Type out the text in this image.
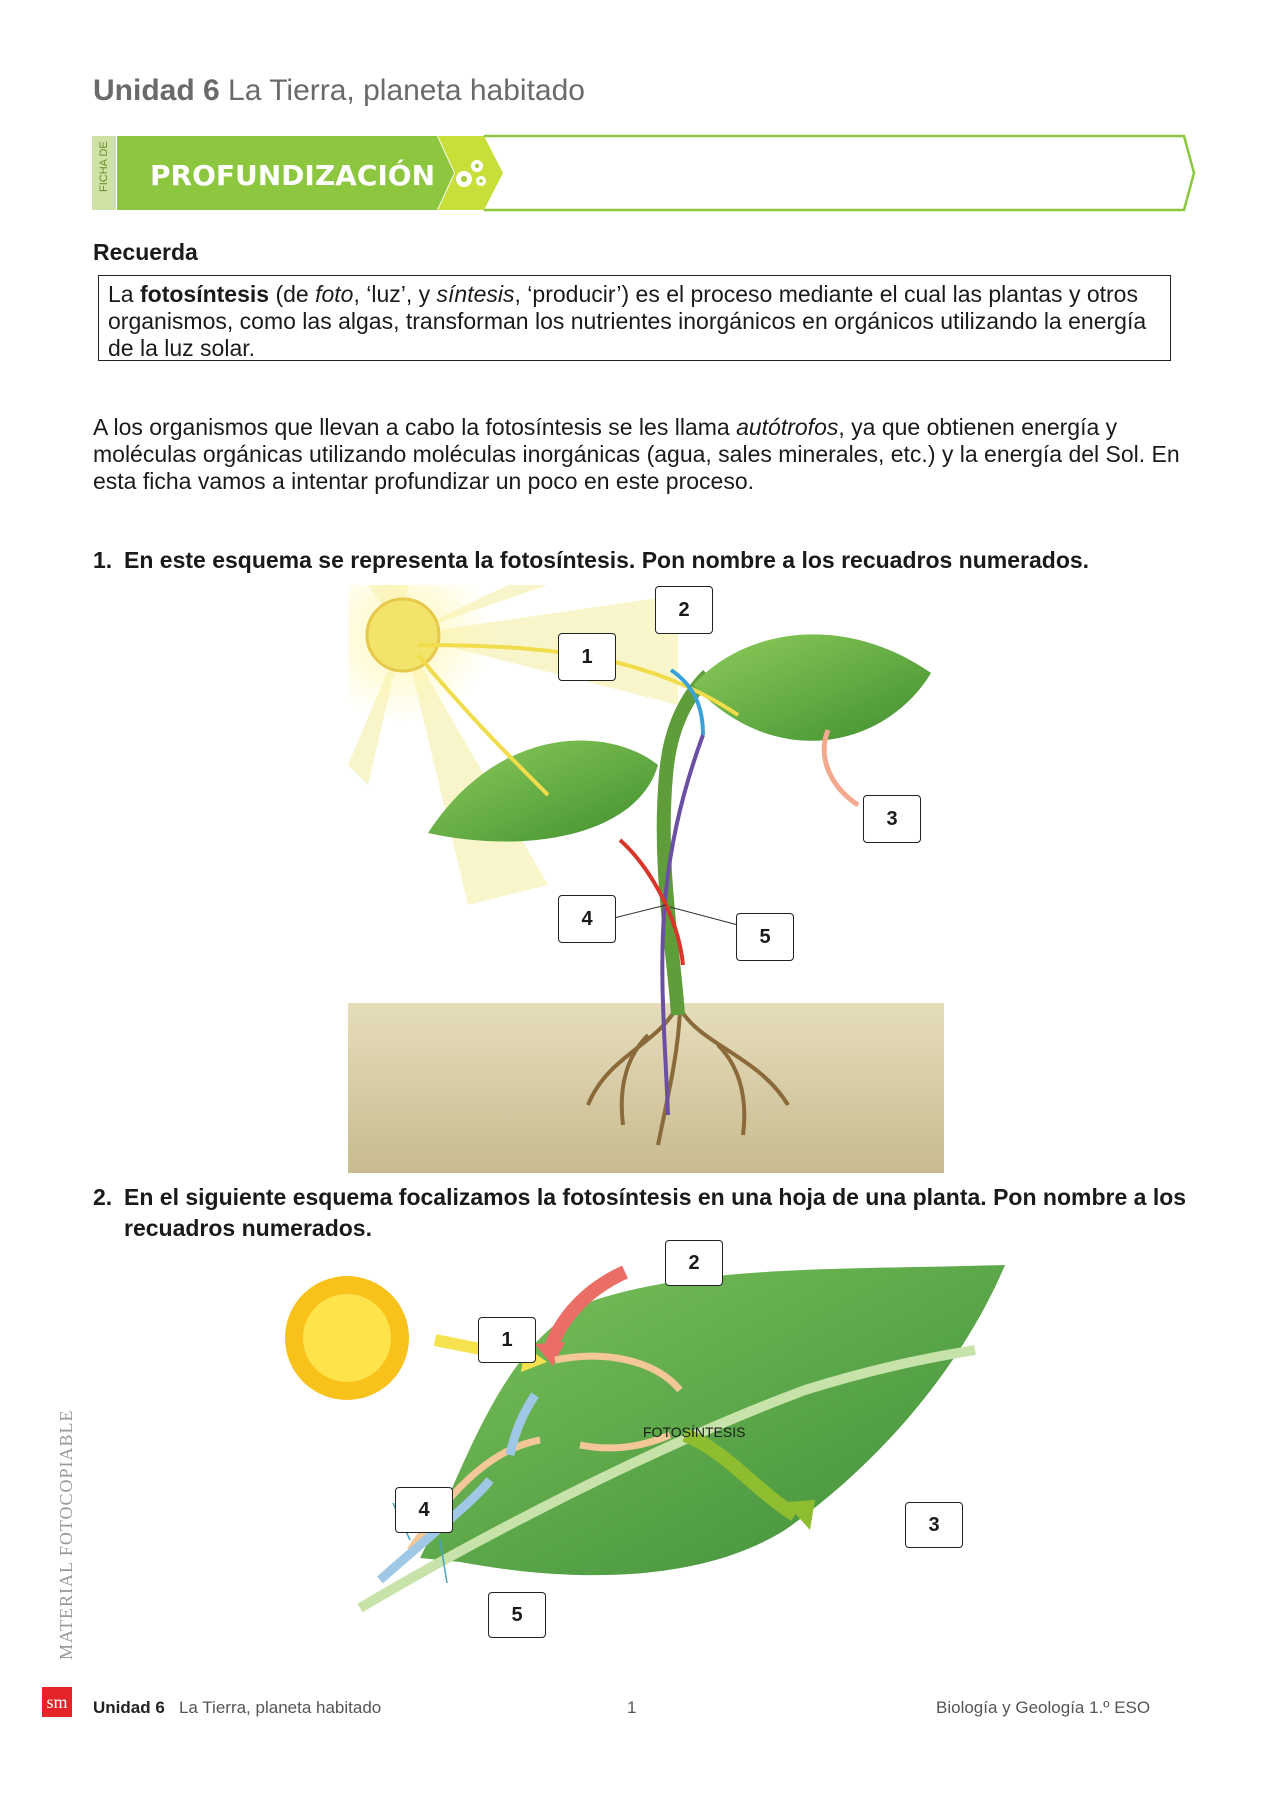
Unidad 6 La Tierra, planeta habitado
FICHA DE PROFUNDIZACIÓN
Recuerda
La fotosíntesis (de foto, ‘luz’, y síntesis, ‘producir’) es el proceso mediante el cual las plantas y otros organismos, como las algas, transforman los nutrientes inorgánicos en orgánicos utilizando la energía de la luz solar.
A los organismos que llevan a cabo la fotosíntesis se les llama autótrofos, ya que obtienen energía y moléculas orgánicas utilizando moléculas inorgánicas (agua, sales minerales, etc.) y la energía del Sol. En esta ficha vamos a intentar profundizar un poco en este proceso.
1. En este esquema se representa la fotosíntesis. Pon nombre a los recuadros numerados.
1
2
3
4
5
2. En el siguiente esquema focalizamos la fotosíntesis en una hoja de una planta. Pon nombre a los recuadros numerados.
FOTOSÍNTESIS
1
2
3
4
5
MATERIAL FOTOCOPIABLE
sm Unidad 6 La Tierra, planeta habitado	1	Biología y Geología 1.º ESO
